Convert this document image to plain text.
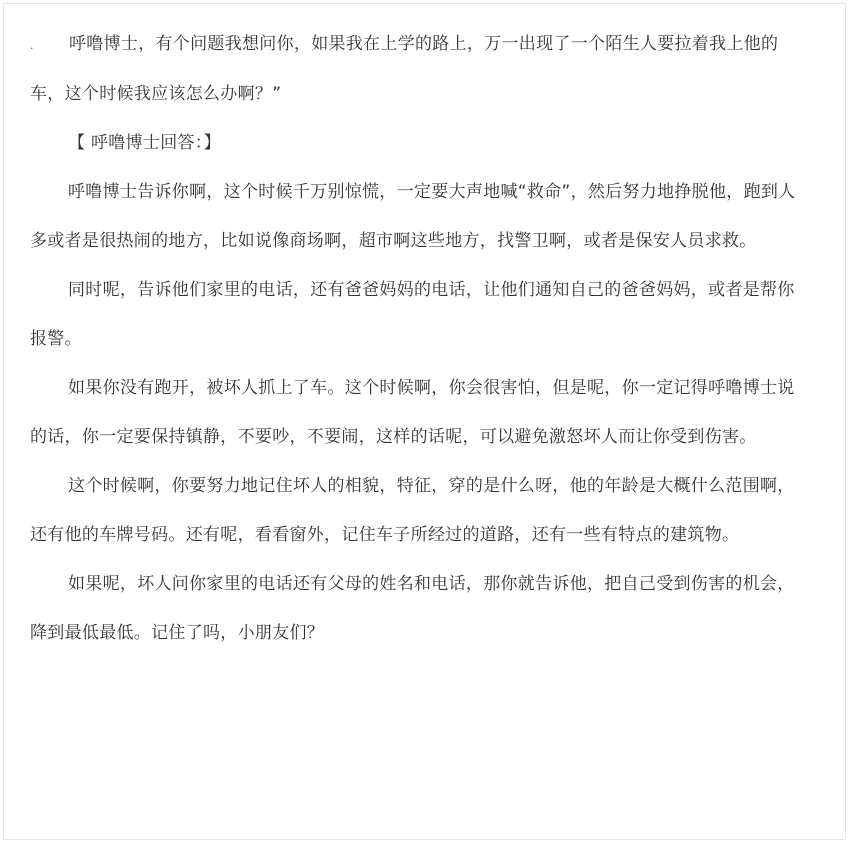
. 呼噜博士，有个问题我想问你，如果我在上学的路上，万一出现了一个陌生人要拉着我上他的车，这个时候我应该怎么办啊？”

【 呼噜博士回答：】

呼噜博士告诉你啊，这个时候千万别惊慌，一定要大声地喊“救命”，然后努力地挣脱他，跑到人多或者是很热闹的地方，比如说像商场啊，超市啊这些地方，找警卫啊，或者是保安人员求救。

同时呢，告诉他们家里的电话，还有爸爸妈妈的电话，让他们通知自己的爸爸妈妈，或者是帮你报警。

如果你没有跑开，被坏人抓上了车。这个时候啊，你会很害怕，但是呢，你一定记得呼噜博士说的话，你一定要保持镇静，不要吵，不要闹，这样的话呢，可以避免激怒坏人而让你受到伤害。

这个时候啊，你要努力地记住坏人的相貌，特征，穿的是什么呀，他的年龄是大概什么范围啊，还有他的车牌号码。还有呢，看看窗外，记住车子所经过的道路，还有一些有特点的建筑物。

如果呢，坏人问你家里的电话还有父母的姓名和电话，那你就告诉他，把自己受到伤害的机会，降到最低最低。记住了吗，小朋友们？
